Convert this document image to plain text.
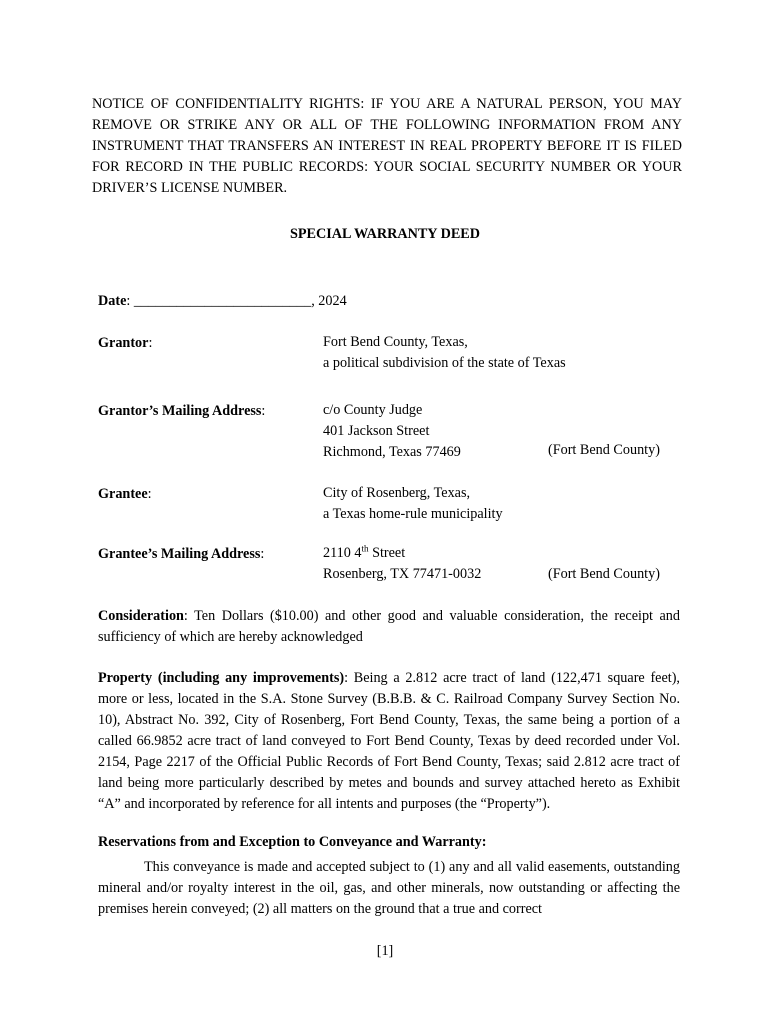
NOTICE OF CONFIDENTIALITY RIGHTS: IF YOU ARE A NATURAL PERSON, YOU MAY REMOVE OR STRIKE ANY OR ALL OF THE FOLLOWING INFORMATION FROM ANY INSTRUMENT THAT TRANSFERS AN INTEREST IN REAL PROPERTY BEFORE IT IS FILED FOR RECORD IN THE PUBLIC RECORDS: YOUR SOCIAL SECURITY NUMBER OR YOUR DRIVER’S LICENSE NUMBER.
SPECIAL WARRANTY DEED
Date: _________________________, 2024
Grantor:	Fort Bend County, Texas,
a political subdivision of the state of Texas
Grantor’s Mailing Address:	c/o County Judge
401 Jackson Street
Richmond, Texas 77469	(Fort Bend County)
Grantee:	City of Rosenberg, Texas,
a Texas home-rule municipality
Grantee’s Mailing Address:	2110 4th Street
Rosenberg, TX 77471-0032	(Fort Bend County)
Consideration: Ten Dollars ($10.00) and other good and valuable consideration, the receipt and sufficiency of which are hereby acknowledged
Property (including any improvements): Being a 2.812 acre tract of land (122,471 square feet), more or less, located in the S.A. Stone Survey (B.B.B. & C. Railroad Company Survey Section No. 10), Abstract No. 392, City of Rosenberg, Fort Bend County, Texas, the same being a portion of a called 66.9852 acre tract of land conveyed to Fort Bend County, Texas by deed recorded under Vol. 2154, Page 2217 of the Official Public Records of Fort Bend County, Texas; said 2.812 acre tract of land being more particularly described by metes and bounds and survey attached hereto as Exhibit “A” and incorporated by reference for all intents and purposes (the “Property”).
Reservations from and Exception to Conveyance and Warranty:
This conveyance is made and accepted subject to (1) any and all valid easements, outstanding mineral and/or royalty interest in the oil, gas, and other minerals, now outstanding or affecting the premises herein conveyed; (2) all matters on the ground that a true and correct
[1]
